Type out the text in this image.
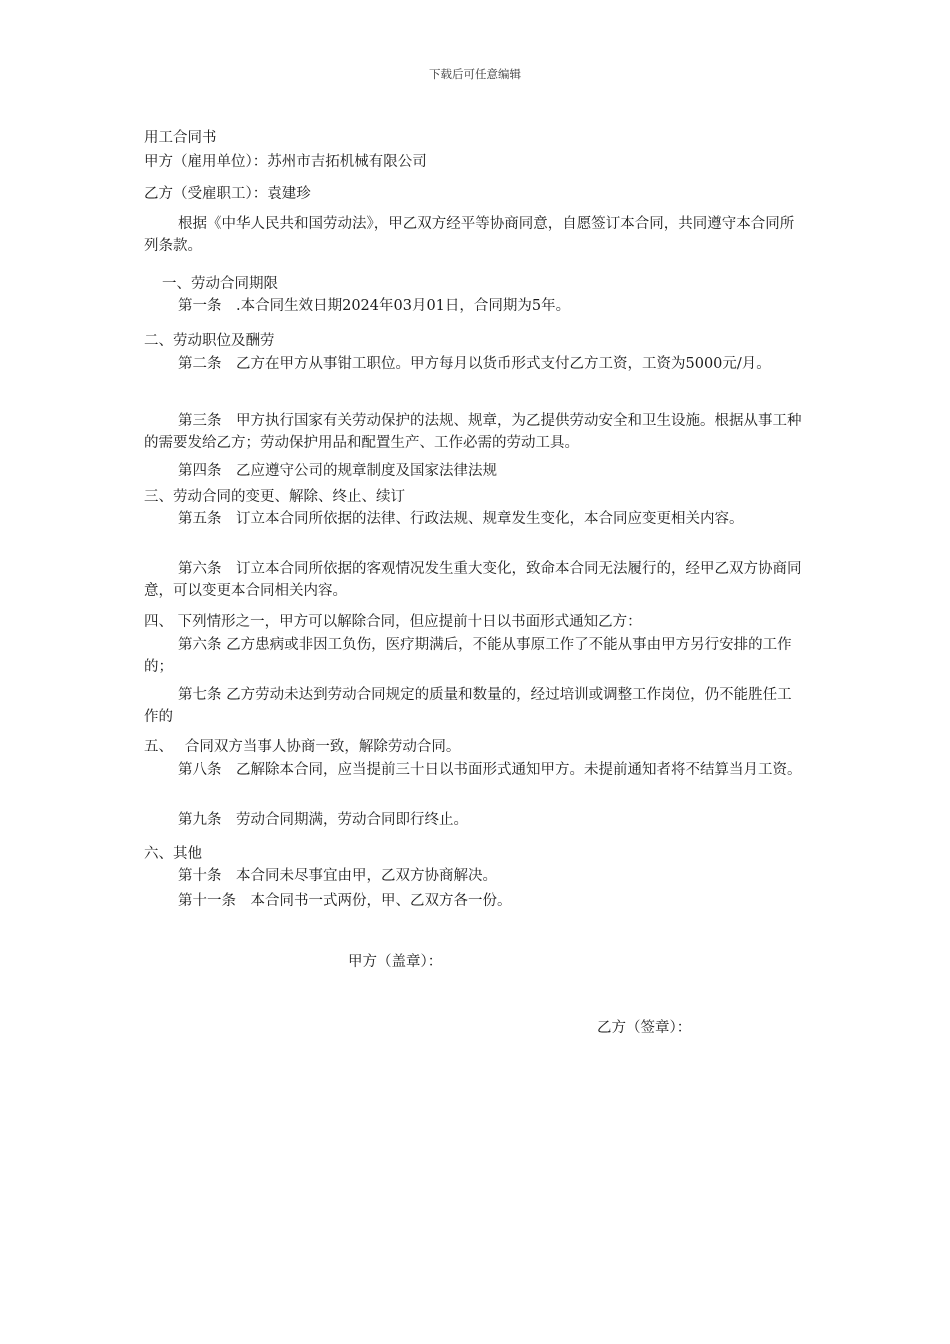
下载后可任意编辑
用工合同书
甲方（雇用单位）：苏州市吉拓机械有限公司
乙方（受雇职工）：袁建珍
根据《中华人民共和国劳动法》，甲乙双方经平等协商同意，自愿签订本合同，共同遵守本合同所列条款。
一、劳动合同期限
第一条　.本合同生效日期2024年03月01日，合同期为5年。
二、劳动职位及酬劳
第二条　乙方在甲方从事钳工职位。甲方每月以货币形式支付乙方工资，工资为5000元/月。
第三条　甲方执行国家有关劳动保护的法规、规章，为乙提供劳动安全和卫生设施。根据从事工种的需要发给乙方；劳动保护用品和配置生产、工作必需的劳动工具。
第四条　乙应遵守公司的规章制度及国家法律法规
三、劳动合同的变更、解除、终止、续订
第五条　订立本合同所依据的法律、行政法规、规章发生变化，本合同应变更相关内容。
第六条　订立本合同所依据的客观情况发生重大变化，致命本合同无法履行的，经甲乙双方协商同意，可以变更本合同相关内容。
四、 下列情形之一，甲方可以解除合同，但应提前十日以书面形式通知乙方：
第六条 乙方患病或非因工负伤，医疗期满后，不能从事原工作了不能从事由甲方另行安排的工作的；
第七条 乙方劳动未达到劳动合同规定的质量和数量的，经过培训或调整工作岗位，仍不能胜任工作的
五、　 合同双方当事人协商一致，解除劳动合同。
第八条　乙解除本合同，应当提前三十日以书面形式通知甲方。未提前通知者将不结算当月工资。
第九条　劳动合同期满，劳动合同即行终止。
六、其他
第十条　本合同未尽事宜由甲，乙双方协商解决。
第十一条　本合同书一式两份，甲、乙双方各一份。
甲方（盖章）：
乙方（签章）：
